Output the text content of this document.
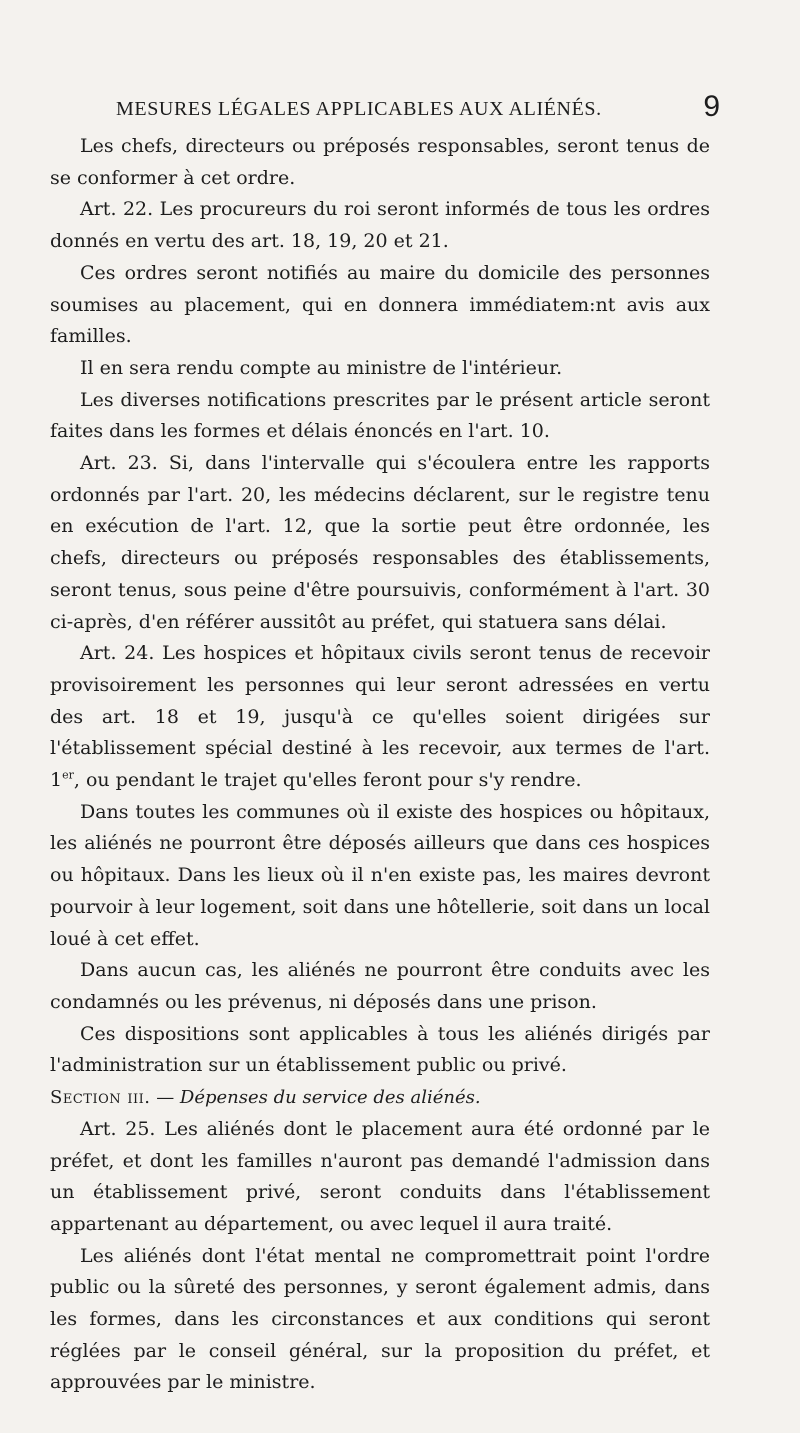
MESURES LÉGALES APPLICABLES AUX ALIÉNÉS.	9

Les chefs, directeurs ou préposés responsables, seront tenus de se conformer à cet ordre.

Art. 22. Les procureurs du roi seront informés de tous les ordres donnés en vertu des art. 18, 19, 20 et 21.

Ces ordres seront notifiés au maire du domicile des personnes soumises au placement, qui en donnera immédiatem:nt avis aux familles.

Il en sera rendu compte au ministre de l'intérieur.

Les diverses notifications prescrites par le présent article seront faites dans les formes et délais énoncés en l'art. 10.

Art. 23. Si, dans l'intervalle qui s'écoulera entre les rapports ordonnés par l'art. 20, les médecins déclarent, sur le registre tenu en exécution de l'art. 12, que la sortie peut être ordonnée, les chefs, directeurs ou préposés responsables des établissements, seront tenus, sous peine d'être poursuivis, conformément à l'art. 30 ci-après, d'en référer aussitôt au préfet, qui statuera sans délai.

Art. 24. Les hospices et hôpitaux civils seront tenus de recevoir provisoirement les personnes qui leur seront adressées en vertu des art. 18 et 19, jusqu'à ce qu'elles soient dirigées sur l'établissement spécial destiné à les recevoir, aux termes de l'art. 1er, ou pendant le trajet qu'elles feront pour s'y rendre.

Dans toutes les communes où il existe des hospices ou hôpitaux, les aliénés ne pourront être déposés ailleurs que dans ces hospices ou hôpitaux. Dans les lieux où il n'en existe pas, les maires devront pourvoir à leur logement, soit dans une hôtellerie, soit dans un local loué à cet effet.

Dans aucun cas, les aliénés ne pourront être conduits avec les condamnés ou les prévenus, ni déposés dans une prison.

Ces dispositions sont applicables à tous les aliénés dirigés par l'administration sur un établissement public ou privé.

Section iii. — Dépenses du service des aliénés.

Art. 25. Les aliénés dont le placement aura été ordonné par le préfet, et dont les familles n'auront pas demandé l'admission dans un établissement privé, seront conduits dans l'établissement appartenant au département, ou avec lequel il aura traité.

Les aliénés dont l'état mental ne compromettrait point l'ordre public ou la sûreté des personnes, y seront également admis, dans les formes, dans les circonstances et aux conditions qui seront réglées par le conseil général, sur la proposition du préfet, et approuvées par le ministre.
